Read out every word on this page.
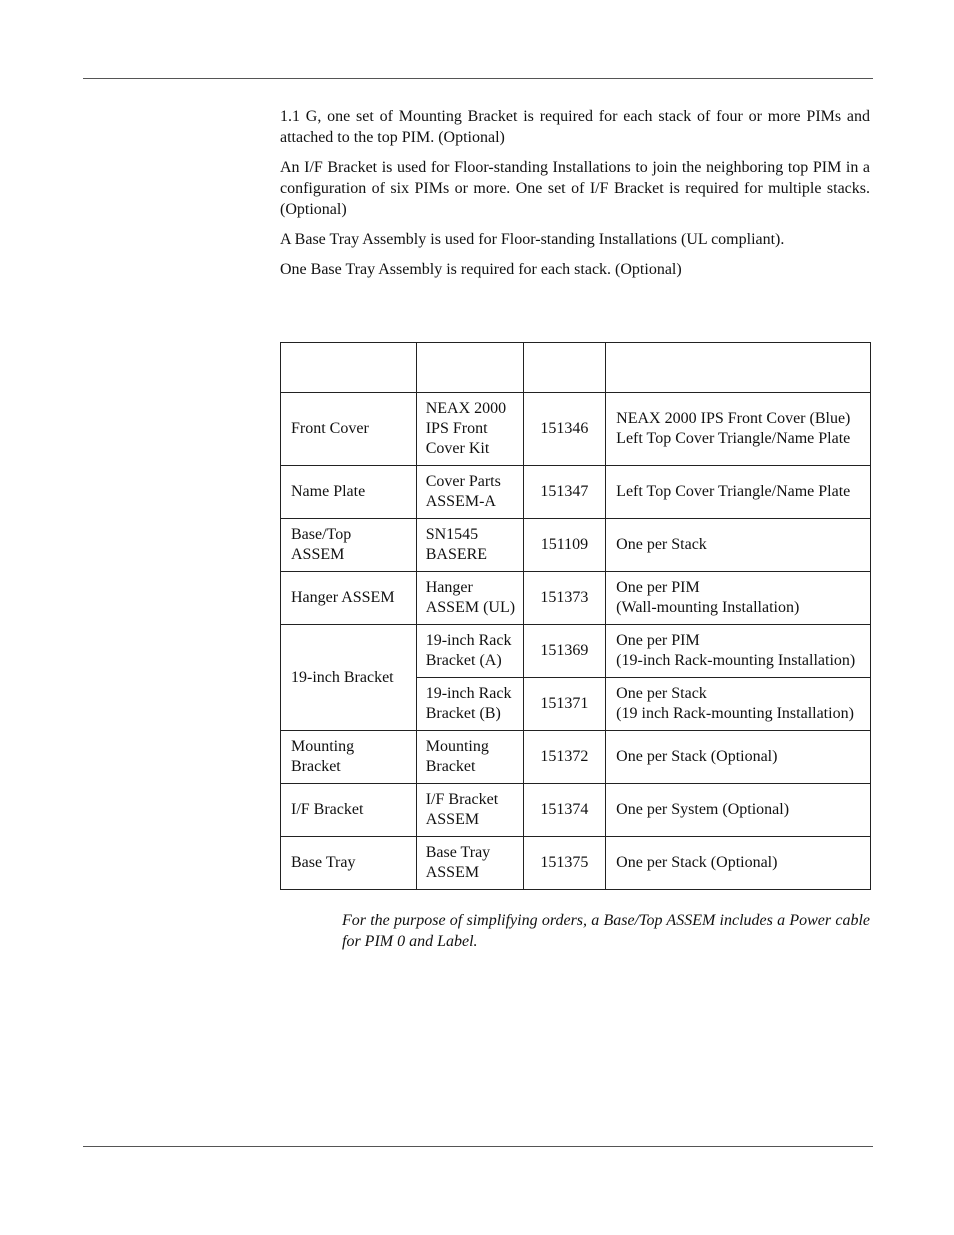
1.1 G, one set of Mounting Bracket is required for each stack of four or more PIMs and attached to the top PIM. (Optional)

An I/F Bracket is used for Floor-standing Installations to join the neighboring top PIM in a configuration of six PIMs or more. One set of I/F Bracket is required for multiple stacks. (Optional)

A Base Tray Assembly is used for Floor-standing Installations (UL compliant).

One Base Tray Assembly is required for each stack. (Optional)

Front Cover	NEAX 2000
IPS Front
Cover Kit	151346	NEAX 2000 IPS Front Cover (Blue)
Left Top Cover Triangle/Name Plate

Name Plate	Cover Parts
ASSEM-A	151347	Left Top Cover Triangle/Name Plate

Base/Top
ASSEM	SN1545
BASERE	151109	One per Stack

Hanger ASSEM	Hanger
ASSEM (UL)	151373	One per PIM
(Wall-mounting Installation)

19-inch Bracket	19-inch Rack
Bracket (A)	151369	One per PIM
(19-inch Rack-mounting Installation)

	19-inch Rack
Bracket (B)	151371	One per Stack
(19 inch Rack-mounting Installation)

Mounting
Bracket	Mounting
Bracket	151372	One per Stack (Optional)

I/F Bracket	I/F Bracket
ASSEM	151374	One per System (Optional)

Base Tray	Base Tray
ASSEM	151375	One per Stack (Optional)
For the purpose of simplifying orders, a Base/Top ASSEM includes a Power cable for PIM 0 and Label.
